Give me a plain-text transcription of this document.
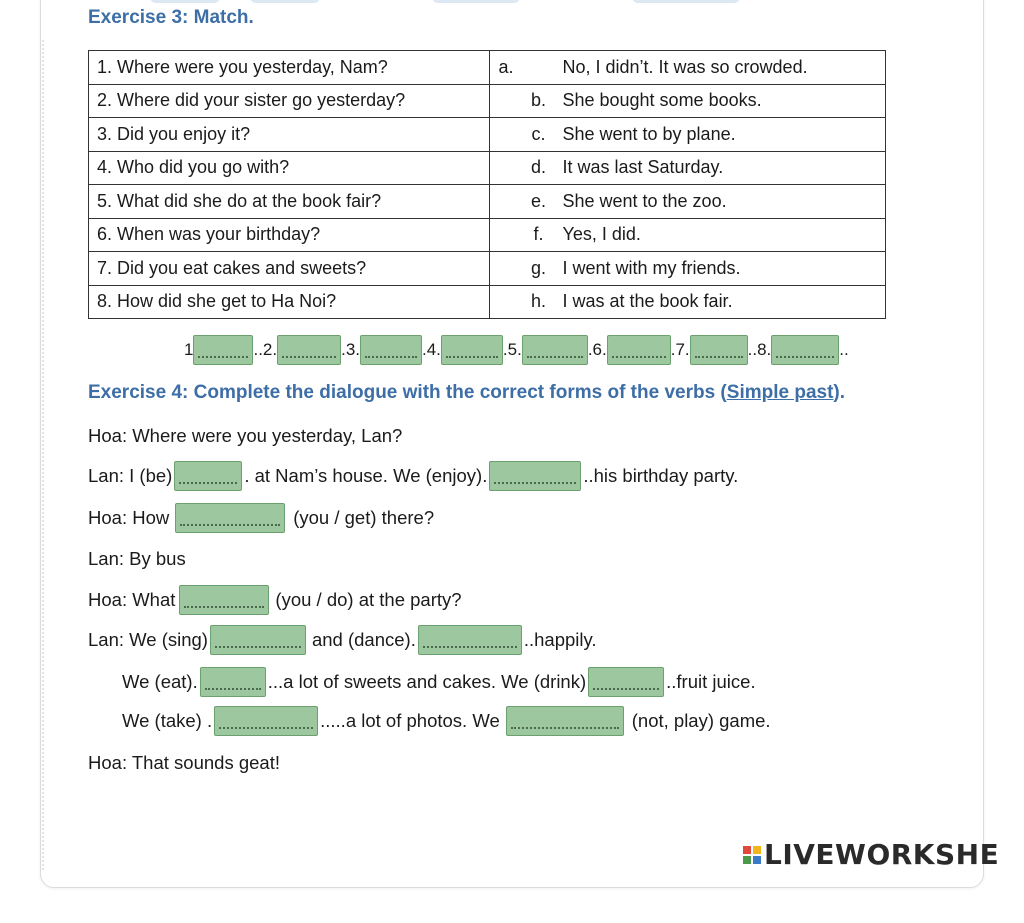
Exercise 3: Match.
1. Where were you yesterday, Nam?	a. No, I didn’t. It was so crowded.
2. Where did your sister go yesterday?	b. She bought some books.
3. Did you enjoy it?	c. She went to by plane.
4. Who did you go with?	d. It was last Saturday.
5. What did she do at the book fair?	e. She went to the zoo.
6. When was your birthday?	f. Yes, I did.
7. Did you eat cakes and sweets?	g. I went with my friends.
8. How did she get to Ha Noi?	h. I was at the book fair.
1	..2.	.3.	.4.	.5.	.6.	.7.	..8.	..
Exercise 4: Complete the dialogue with the correct forms of the verbs (Simple past).
Hoa: Where were you yesterday, Lan?
Lan: I (be)	. at Nam’s house. We (enjoy).	..his birthday party.
Hoa: How	(you / get) there?
Lan: By bus
Hoa: What	(you / do) at the party?
Lan: We (sing)	and (dance).	..happily.
We (eat).	...a lot of sweets and cakes. We (drink)	..fruit juice.
We (take) .	.....a lot of photos. We	(not, play) game.
Hoa: That sounds geat!
LIVEWORKSHE
